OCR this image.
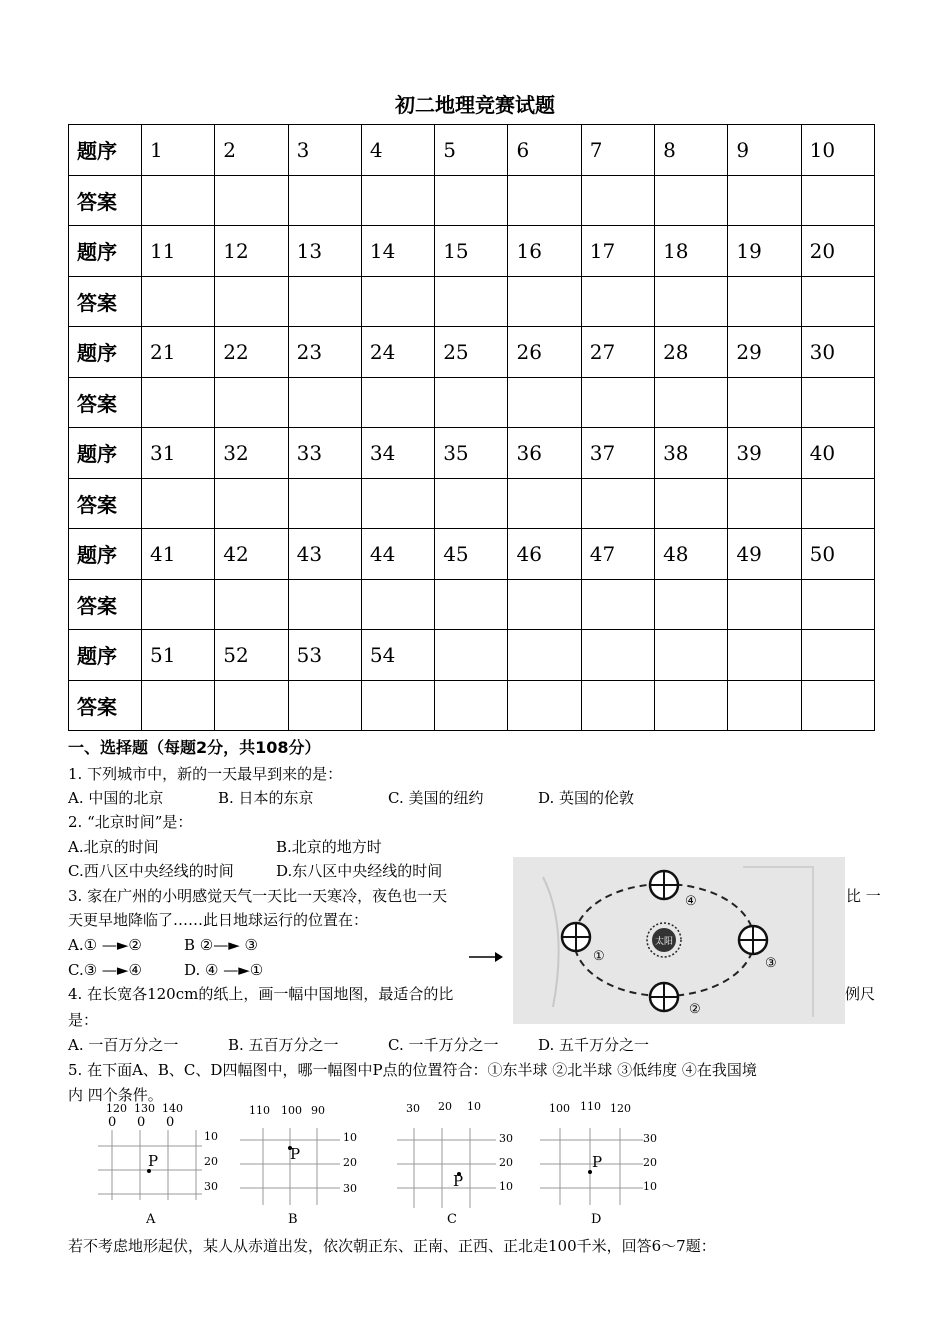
初二地理竞赛试题
题序	1	2	3	4	5	6	7	8	9	10
答案										
题序	11	12	13	14	15	16	17	18	19	20
答案										
题序	21	22	23	24	25	26	27	28	29	30
答案										
题序	31	32	33	34	35	36	37	38	39	40
答案										
题序	41	42	43	44	45	46	47	48	49	50
答案										
题序	51	52	53	54						
答案										
一、选择题（每题2分，共108分）
1. 下列城市中，新的一天最早到来的是：
A. 中国的北京	B. 日本的东京	C. 美国的纽约	D. 英国的伦敦
2. “北京时间”是：
A.北京的时间	B.北京的地方时
C.西八区中央经线的时间	D.东八区中央经线的时间
3. 家在广州的小明感觉天气一天比一天寒冷，夜色也一天	比 一
天更早地降临了……此日地球运行的位置在：
A.① —►②	B ②—► ③
C.③ —►④	D. ④ —►①
太阳
①
②
③
④
4. 在长宽各120cm的纸上，画一幅中国地图，最适合的比	例尺
是：
A. 一百万分之一	B. 五百万分之一	C. 一千万分之一	D. 五千万分之一
5. 在下面A、B、C、D四幅图中，哪一幅图中P点的位置符合：①东半球 ②北半球 ③低纬度 ④在我国境
内 四个条件。
120 130 140
0 0 0
10
20
30
P
A
110 100 90
10
20
30
P
B
30 20 10
30
20
10
P
C
100 110 120
30
20
10
P
D
若不考虑地形起伏，某人从赤道出发，依次朝正东、正南、正西、正北走100千米，回答6～7题：
